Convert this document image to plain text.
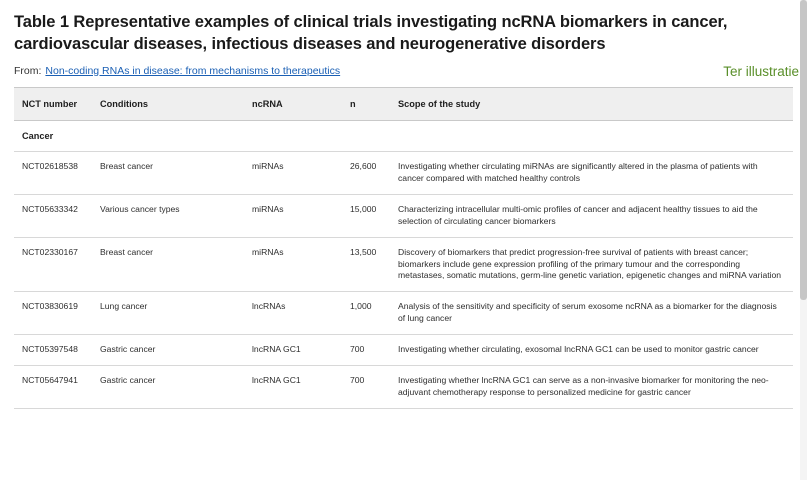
Table 1 Representative examples of clinical trials investigating ncRNA biomarkers in cancer, cardiovascular diseases, infectious diseases and neurogenerative disorders
From: Non-coding RNAs in disease: from mechanisms to therapeutics	Ter illustratie
NCT number	Conditions	ncRNA	n	Scope of the study
Cancer				
NCT02618538	Breast cancer	miRNAs	26,600	Investigating whether circulating miRNAs are significantly altered in the plasma of patients with cancer compared with matched healthy controls
NCT05633342	Various cancer types	miRNAs	15,000	Characterizing intracellular multi-omic profiles of cancer and adjacent healthy tissues to aid the selection of circulating cancer biomarkers
NCT02330167	Breast cancer	miRNAs	13,500	Discovery of biomarkers that predict progression-free survival of patients with breast cancer; biomarkers include gene expression profiling of the primary tumour and the corresponding metastases, somatic mutations, germ-line genetic variation, epigenetic changes and miRNA variation
NCT03830619	Lung cancer	lncRNAs	1,000	Analysis of the sensitivity and specificity of serum exosome ncRNA as a biomarker for the diagnosis of lung cancer
NCT05397548	Gastric cancer	lncRNA GC1	700	Investigating whether circulating, exosomal lncRNA GC1 can be used to monitor gastric cancer
NCT05647941	Gastric cancer	lncRNA GC1	700	Investigating whether lncRNA GC1 can serve as a non-invasive biomarker for monitoring the neo-adjuvant chemotherapy response to personalized medicine for gastric cancer
